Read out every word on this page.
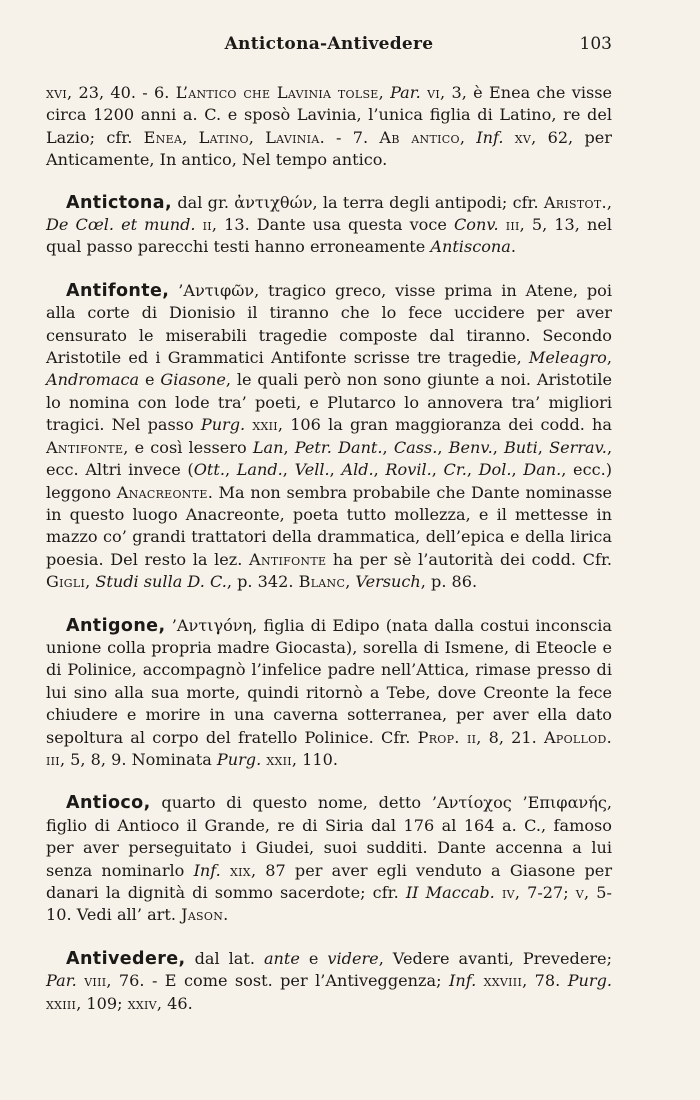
Antictona-Antivedere	103

xvi, 23, 40. - 6. L’antico che Lavinia tolse, Par. vi, 3, è Enea che visse circa 1200 anni a. C. e sposò Lavinia, l’unica figlia di Latino, re del Lazio; cfr. Enea, Latino, Lavinia. - 7. Ab antico, Inf. xv, 62, per Anticamente, In antico, Nel tempo antico.

Antictona, dal gr. ἀντιχθών, la terra degli antipodi; cfr. Aristot., De Cœl. et mund. ii, 13. Dante usa questa voce Conv. iii, 5, 13, nel qual passo parecchi testi hanno erroneamente Antiscona.

Antifonte, ’Αντιφῶν, tragico greco, visse prima in Atene, poi alla corte di Dionisio il tiranno che lo fece uccidere per aver censurato le miserabili tragedie composte dal tiranno. Secondo Aristotile ed i Grammatici Antifonte scrisse tre tragedie, Meleagro, Andromaca e Giasone, le quali però non sono giunte a noi. Aristotile lo nomina con lode tra’ poeti, e Plutarco lo annovera tra’ migliori tragici. Nel passo Purg. xxii, 106 la gran maggioranza dei codd. ha Antifonte, e così lessero Lan, Petr. Dant., Cass., Benv., Buti, Serrav., ecc. Altri invece (Ott., Land., Vell., Ald., Rovil., Cr., Dol., Dan., ecc.) leggono Anacreonte. Ma non sembra probabile che Dante nominasse in questo luogo Anacreonte, poeta tutto mollezza, e il mettesse in mazzo co’ grandi trattatori della drammatica, dell’epica e della lirica poesia. Del resto la lez. Antifonte ha per sè l’autorità dei codd. Cfr. Gigli, Studi sulla D. C., p. 342. Blanc, Versuch, p. 86.

Antigone, ’Αντιγόνη, figlia di Edipo (nata dalla costui inconscia unione colla propria madre Giocasta), sorella di Ismene, di Eteocle e di Polinice, accompagnò l’infelice padre nell’Attica, rimase presso di lui sino alla sua morte, quindi ritornò a Tebe, dove Creonte la fece chiudere e morire in una caverna sotterranea, per aver ella dato sepoltura al corpo del fratello Polinice. Cfr. Prop. ii, 8, 21. Apollod. iii, 5, 8, 9. Nominata Purg. xxii, 110.

Antioco, quarto di questo nome, detto ’Αντίοχος ’Επιφανής, figlio di Antioco il Grande, re di Siria dal 176 al 164 a. C., famoso per aver perseguitato i Giudei, suoi sudditi. Dante accenna a lui senza nominarlo Inf. xix, 87 per aver egli venduto a Giasone per danari la dignità di sommo sacerdote; cfr. II Maccab. iv, 7-27; v, 5-10. Vedi all’ art. Jason.

Antivedere, dal lat. ante e videre, Vedere avanti, Prevedere; Par. viii, 76. - E come sost. per l’Antiveggenza; Inf. xxviii, 78. Purg. xxiii, 109; xxiv, 46.
